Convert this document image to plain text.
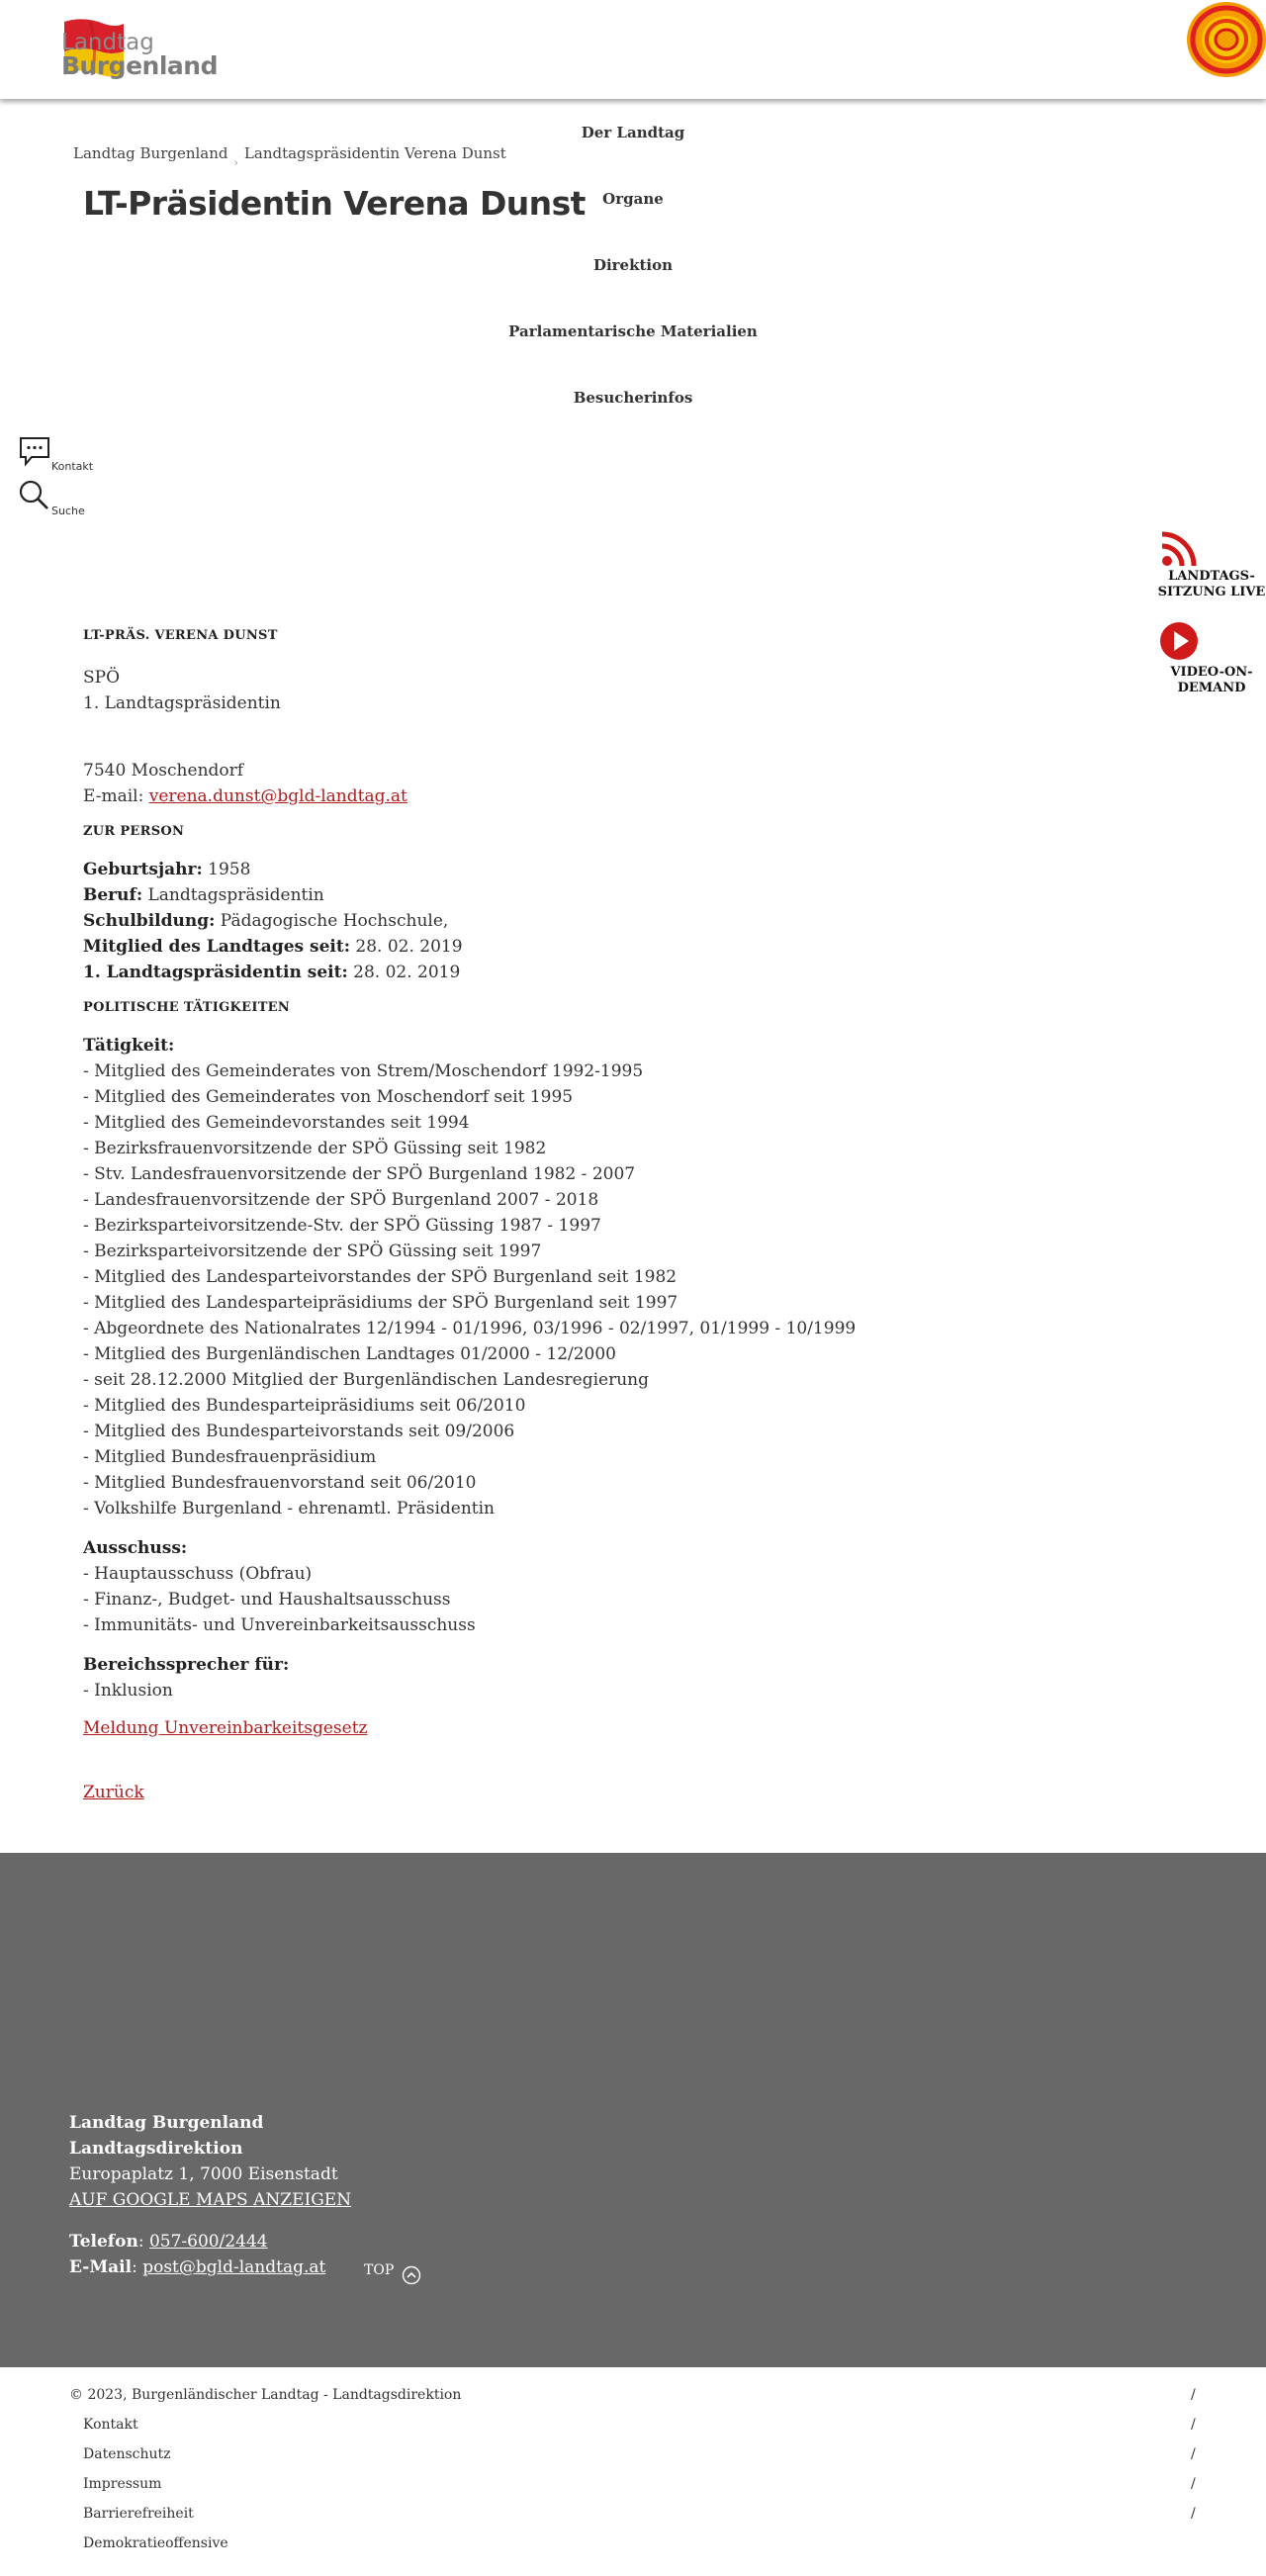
Landtag
Burgenland
Landtag Burgenland$_›$Landtagspräsidentin Verena Dunst
LT-Präsidentin Verena Dunst
Der Landtag
Organe
Direktion
Parlamentarische Materialien
Besucherinfos
Kontakt
Suche
LANDTAGS-
SITZUNG LIVE
VIDEO-ON-
DEMAND
LT-PRÄS. VERENA DUNST
SPÖ
1. Landtagspräsidentin
7540 Moschendorf
E-mail: verena.dunst@bgld-landtag.at
ZUR PERSON
Geburtsjahr: 1958
Beruf: Landtagspräsidentin
Schulbildung: Pädagogische Hochschule,
Mitglied des Landtages seit: 28. 02. 2019
1. Landtagspräsidentin seit: 28. 02. 2019
POLITISCHE TÄTIGKEITEN
Tätigkeit:
- Mitglied des Gemeinderates von Strem/Moschendorf 1992-1995
- Mitglied des Gemeinderates von Moschendorf seit 1995
- Mitglied des Gemeindevorstandes seit 1994
- Bezirksfrauenvorsitzende der SPÖ Güssing seit 1982
- Stv. Landesfrauenvorsitzende der SPÖ Burgenland 1982 - 2007
- Landesfrauenvorsitzende der SPÖ Burgenland 2007 - 2018
- Bezirksparteivorsitzende-Stv. der SPÖ Güssing 1987 - 1997
- Bezirksparteivorsitzende der SPÖ Güssing seit 1997
- Mitglied des Landesparteivorstandes der SPÖ Burgenland seit 1982
- Mitglied des Landesparteipräsidiums der SPÖ Burgenland seit 1997
- Abgeordnete des Nationalrates 12/1994 - 01/1996, 03/1996 - 02/1997, 01/1999 - 10/1999
- Mitglied des Burgenländischen Landtages 01/2000 - 12/2000
- seit 28.12.2000 Mitglied der Burgenländischen Landesregierung
- Mitglied des Bundesparteipräsidiums seit 06/2010
- Mitglied des Bundesparteivorstands seit 09/2006
- Mitglied Bundesfrauenpräsidium
- Mitglied Bundesfrauenvorstand seit 06/2010
- Volkshilfe Burgenland - ehrenamtl. Präsidentin
Ausschuss:
- Hauptausschuss (Obfrau)
- Finanz-, Budget- und Haushaltsausschuss
- Immunitäts- und Unvereinbarkeitsausschuss
Bereichssprecher für:
- Inklusion
Meldung Unvereinbarkeitsgesetz
Zurück
Landtag Burgenland
Landtagsdirektion
Europaplatz 1, 7000 Eisenstadt
AUF GOOGLE MAPS ANZEIGEN
Telefon: 057-600/2444
E-Mail: post@bgld-landtag.at	TOP
© 2023, Burgenländischer Landtag - Landtagsdirektion	/
Kontakt	/
Datenschutz	/
Impressum	/
Barrierefreiheit	/
Demokratieoffensive
